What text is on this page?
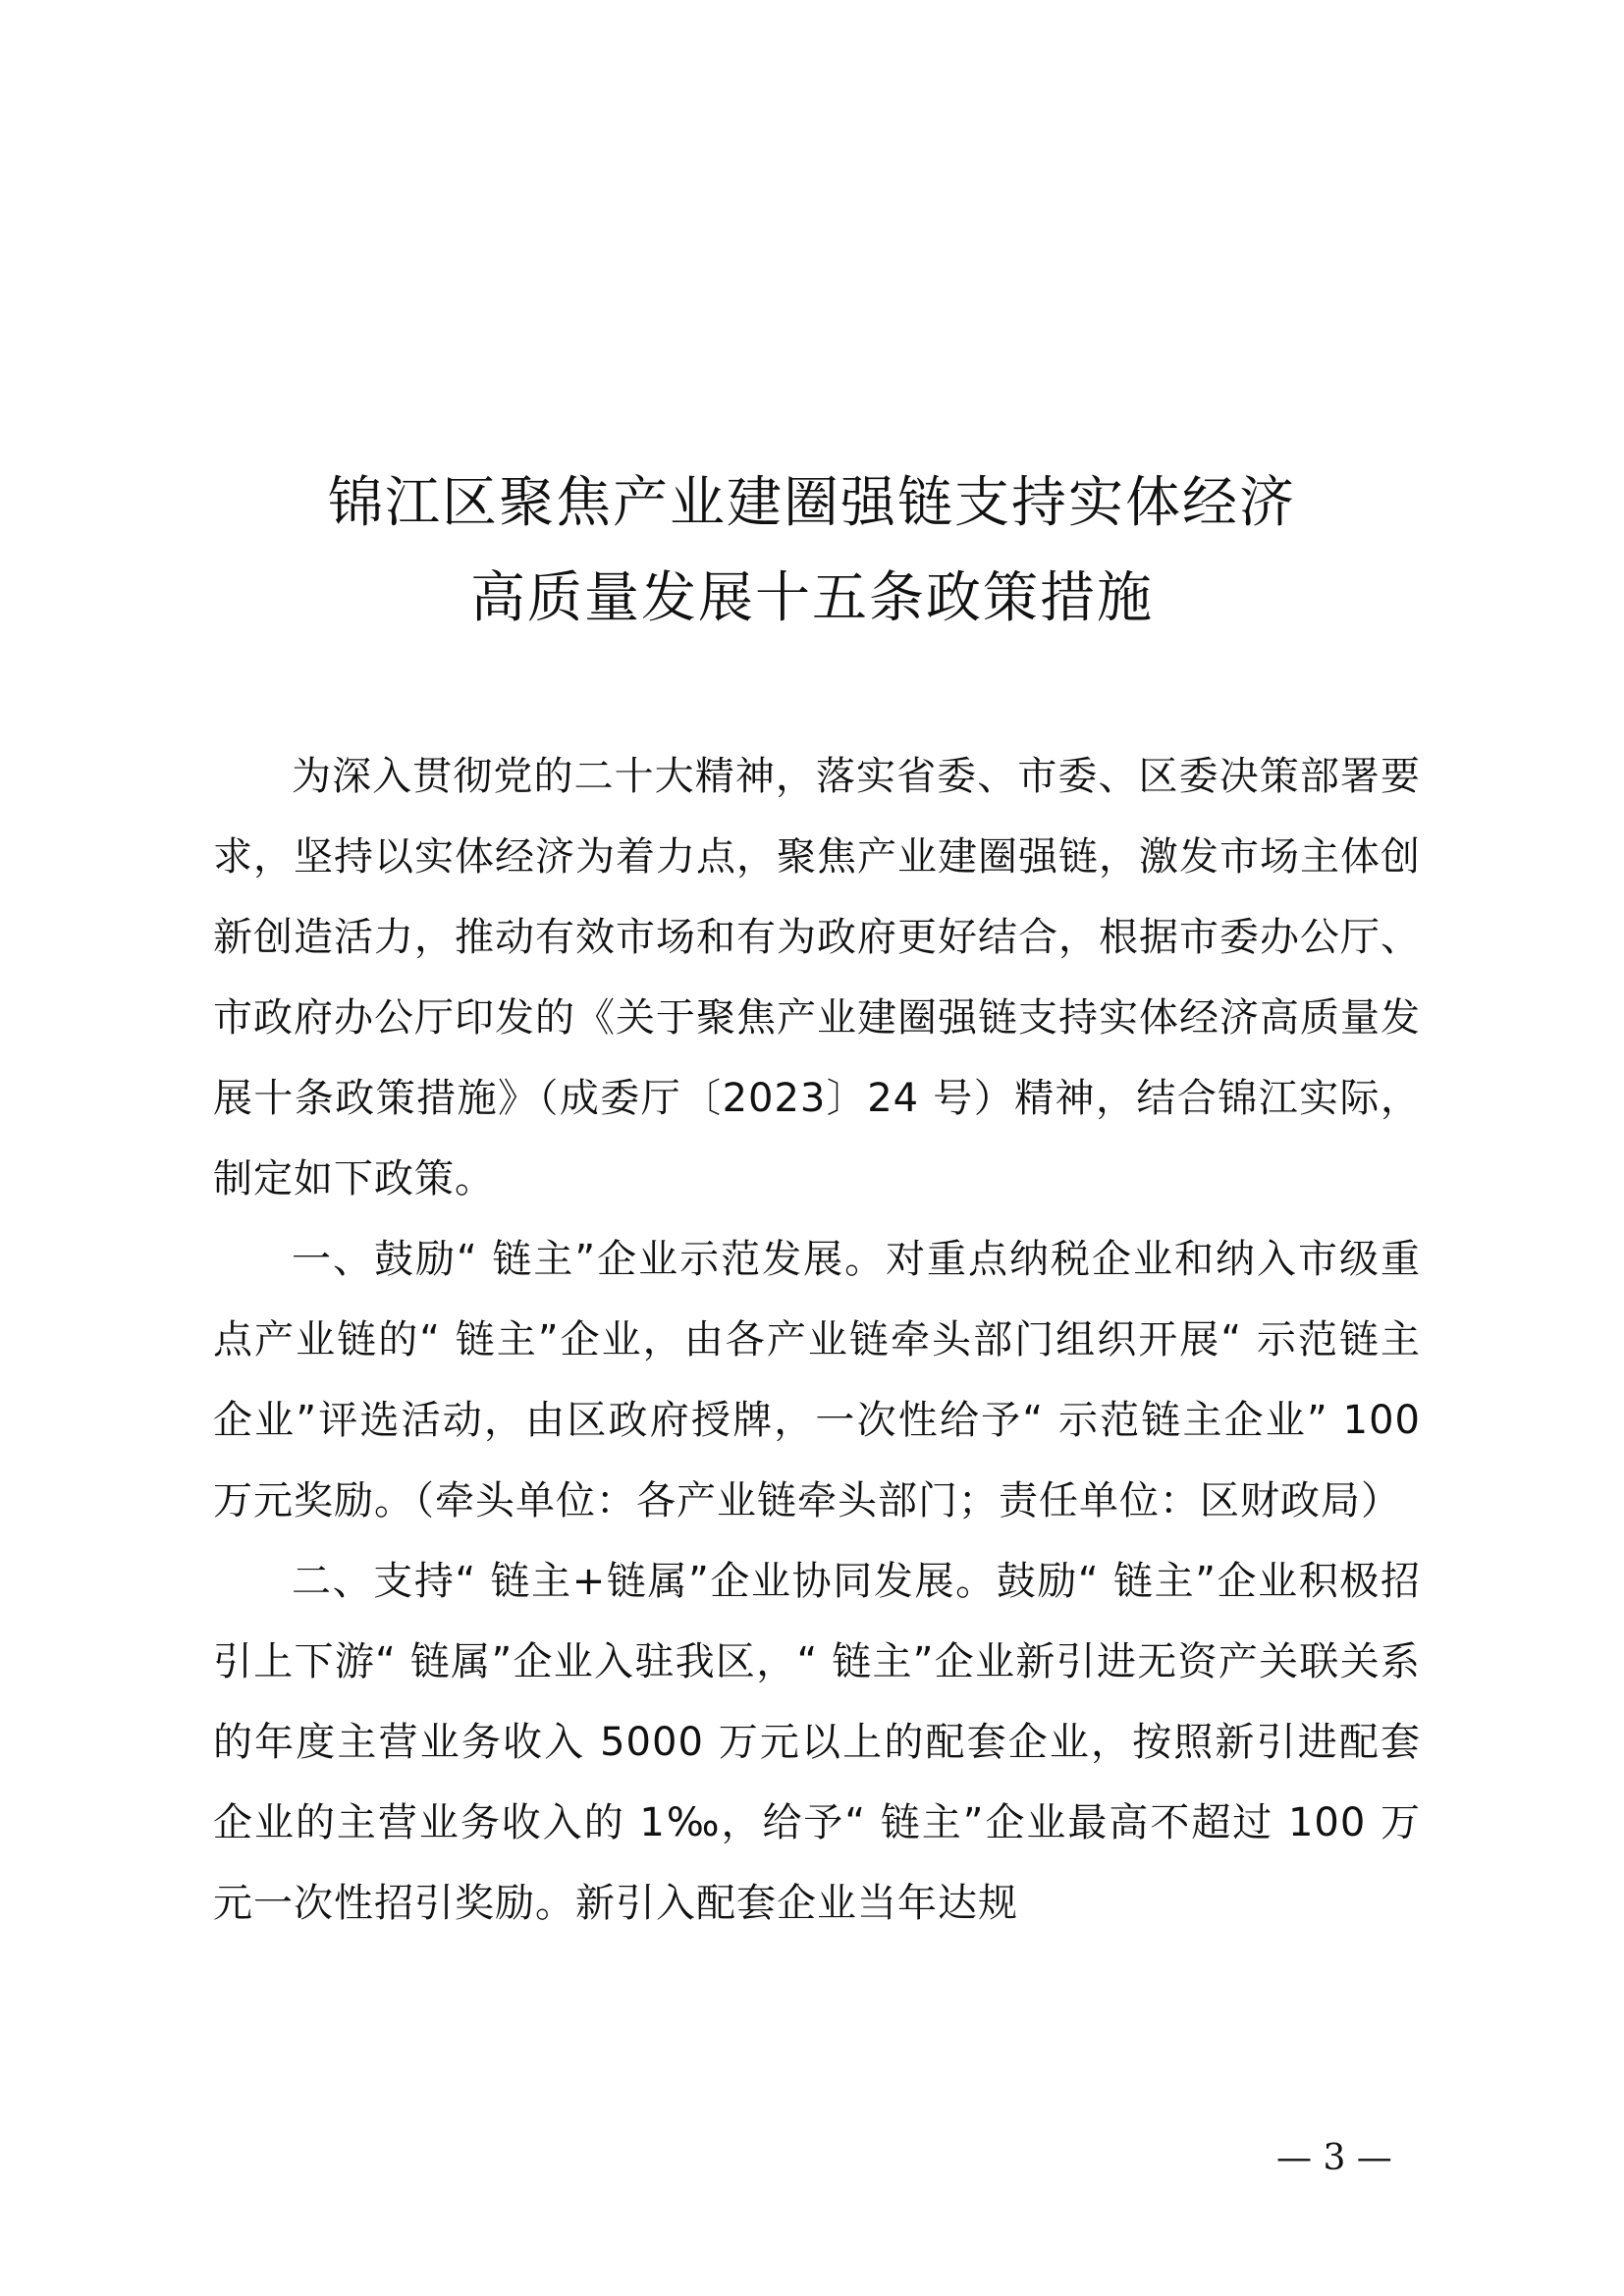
锦江区聚焦产业建圈强链支持实体经济
高质量发展十五条政策措施

为深入贯彻党的二十大精神，落实省委、市委、区委决策部署要求，坚持以实体经济为着力点，聚焦产业建圈强链，激发市场主体创新创造活力，推动有效市场和有为政府更好结合，根据市委办公厅、市政府办公厅印发的《关于聚焦产业建圈强链支持实体经济高质量发展十条政策措施》（成委厅〔2023〕24 号）精神，结合锦江实际，制定如下政策。

一、鼓励“ 链主”企业示范发展。对重点纳税企业和纳入市级重点产业链的“ 链主”企业，由各产业链牵头部门组织开展“ 示范链主企业”评选活动，由区政府授牌，一次性给予“ 示范链主企业” 100 万元奖励。（牵头单位：各产业链牵头部门；责任单位：区财政局）

二、支持“ 链主+链属”企业协同发展。鼓励“ 链主”企业积极招引上下游“ 链属”企业入驻我区，“ 链主”企业新引进无资产关联关系的年度主营业务收入 5000 万元以上的配套企业，按照新引进配套企业的主营业务收入的 1‰，给予“ 链主”企业最高不超过 100 万元一次性招引奖励。新引入配套企业当年达规

— 3 —
